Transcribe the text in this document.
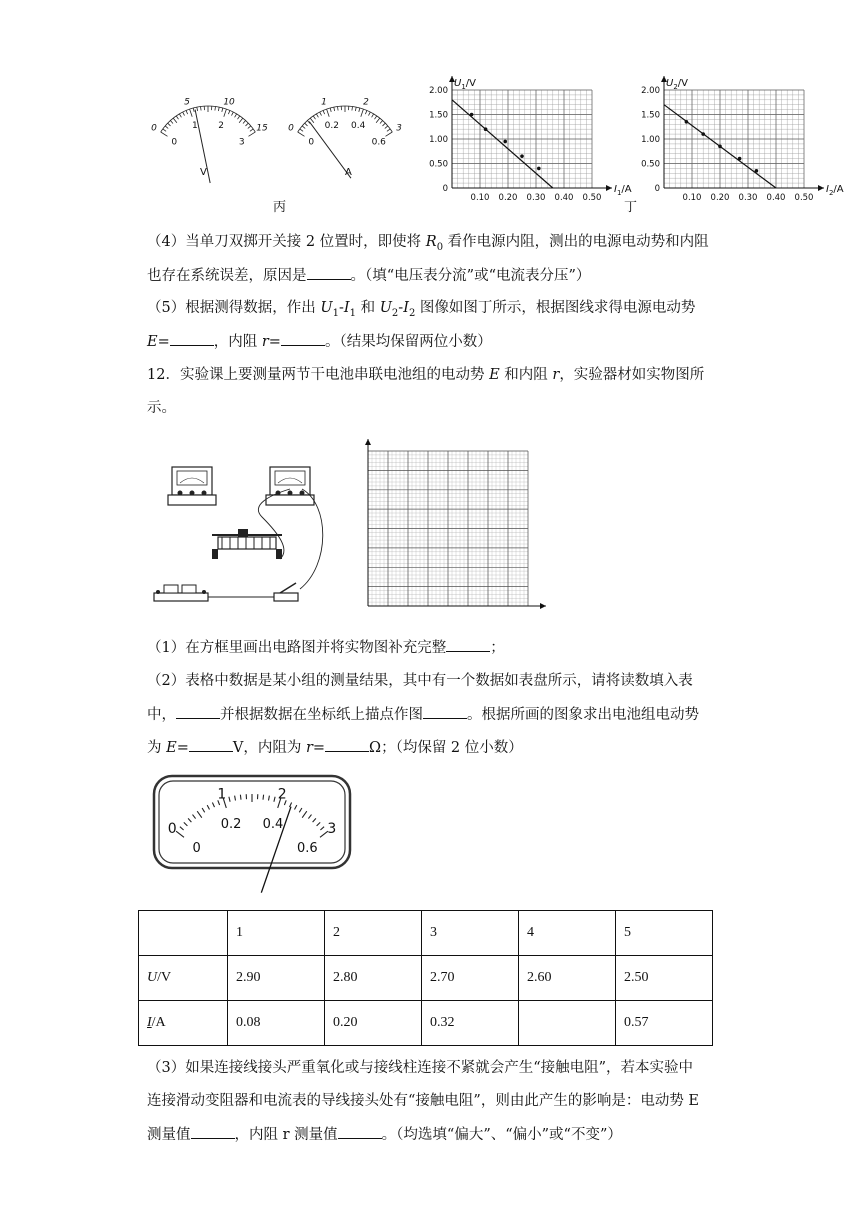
0
5	10
15
0
1 2
3
0
1	2
3
0
0.2 0.4
0.6
V	A
丙
2.00
1.50
1.00
0.50
0
0.10 0.20 0.30 0.40 0.50
$U_1/V$
$I_1/A$
2.00
1.50
1.00
0.50
0
0.10 0.20 0.30 0.40 0.50
$U_2/V$
$I_2/A$
丁
（4）当单刀双掷开关接 2 位置时，即使将 $R_0$ 看作电源内阻，测出的电源电动势和内阻
也存在系统误差，原因是	。（填“电压表分流”或“电流表分压”）
（5）根据测得数据，作出 $U_1-I_1$ 和 $U_2-I_2$ 图像如图丁所示，根据图线求得电源电动势
E=	，内阻 r=	。（结果均保留两位小数）
12．实验课上要测量两节干电池串联电池组的电动势 E 和内阻 r，实验器材如实物图所
示。
（1）在方框里画出电路图并将实物图补充完整	；
（2）表格中数据是某小组的测量结果，其中有一个数据如表盘所示，请将读数填入表
中，	并根据数据在坐标纸上描点作图	。根据所画的图象求出电池组电动势
为 E=	V，内阻为 r=	Ω；（均保留 2 位小数）
0
1	2
3
0
0.2 0.4
0.6
	1	2	3	4	5
U/V	2.90	2.80	2.70	2.60	2.50
I/A	0.08	0.20	0.32		0.57
（3）如果连接线接头严重氧化或与接线柱连接不紧就会产生“接触电阻”，若本实验中
连接滑动变阻器和电流表的导线接头处有“接触电阻”，则由此产生的影响是：电动势 E
测量值	，内阻 r 测量值	。（均选填“偏大”、“偏小”或“不变”）
